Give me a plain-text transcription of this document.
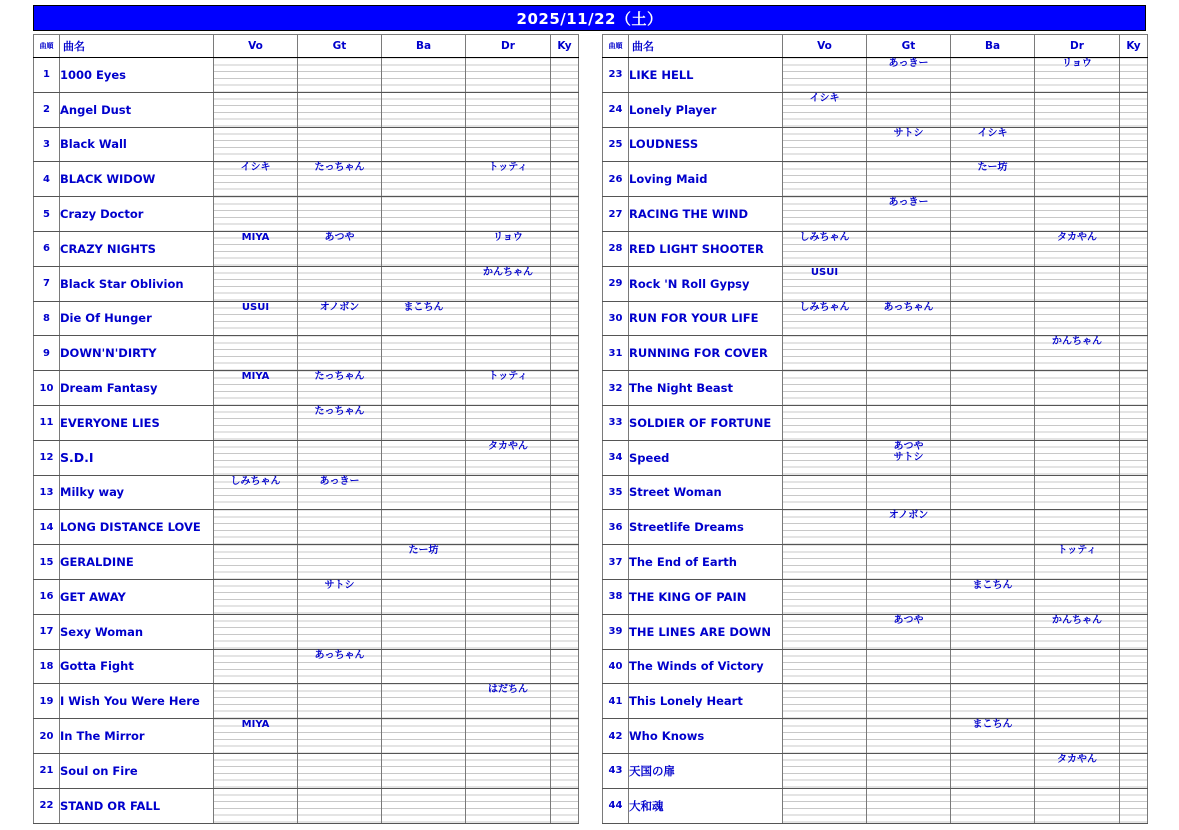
2025/11/22（土）
曲順	曲名	Vo	Gt	Ba	Dr	Ky
1	1000 Eyes	

2	Angel Dust	

3	Black Wall	

4	BLACK WIDOW	イシキ	たっちゃん		トッティ	

5	Crazy Doctor	

6	CRAZY NIGHTS	MIYA	あつや		リョウ	

7	Black Star Oblivion				かんちゃん	

8	Die Of Hunger	USUI	オノボン	まこちん		

9	DOWN'N'DIRTY	

10	Dream Fantasy	MIYA	たっちゃん		トッティ	

11	EVERYONE LIES		たっちゃん			

12	S.D.I				タカやん	

13	Milky way	しみちゃん	あっきー			

14	LONG DISTANCE LOVE	

15	GERALDINE			たー坊		

16	GET AWAY		サトシ			

17	Sexy Woman	

18	Gotta Fight		あっちゃん			

19	I Wish You Were Here				はだちん	

20	In The Mirror	MIYA				

21	Soul on Fire	

22	STAND OR FALL	

曲順	曲名	Vo	Gt	Ba	Dr	Ky
23	LIKE HELL		あっきー		リョウ	

24	Lonely Player	イシキ				

25	LOUDNESS		サトシ	イシキ		

26	Loving Maid			たー坊		

27	RACING THE WIND		あっきー			

28	RED LIGHT SHOOTER	しみちゃん			タカやん	

29	Rock 'N Roll Gypsy	USUI				

30	RUN FOR YOUR LIFE	しみちゃん	あっちゃん			

31	RUNNING FOR COVER				かんちゃん	

32	The Night Beast	

33	SOLDIER OF FORTUNE	

34	Speed		あつや
サトシ			

35	Street Woman	

36	Streetlife Dreams		オノボン			

37	The End of Earth				トッティ	

38	THE KING OF PAIN			まこちん		

39	THE LINES ARE DOWN		あつや		かんちゃん	

40	The Winds of Victory	

41	This Lonely Heart	

42	Who Knows			まこちん		

43	天国の扉				タカやん	

44	大和魂	
